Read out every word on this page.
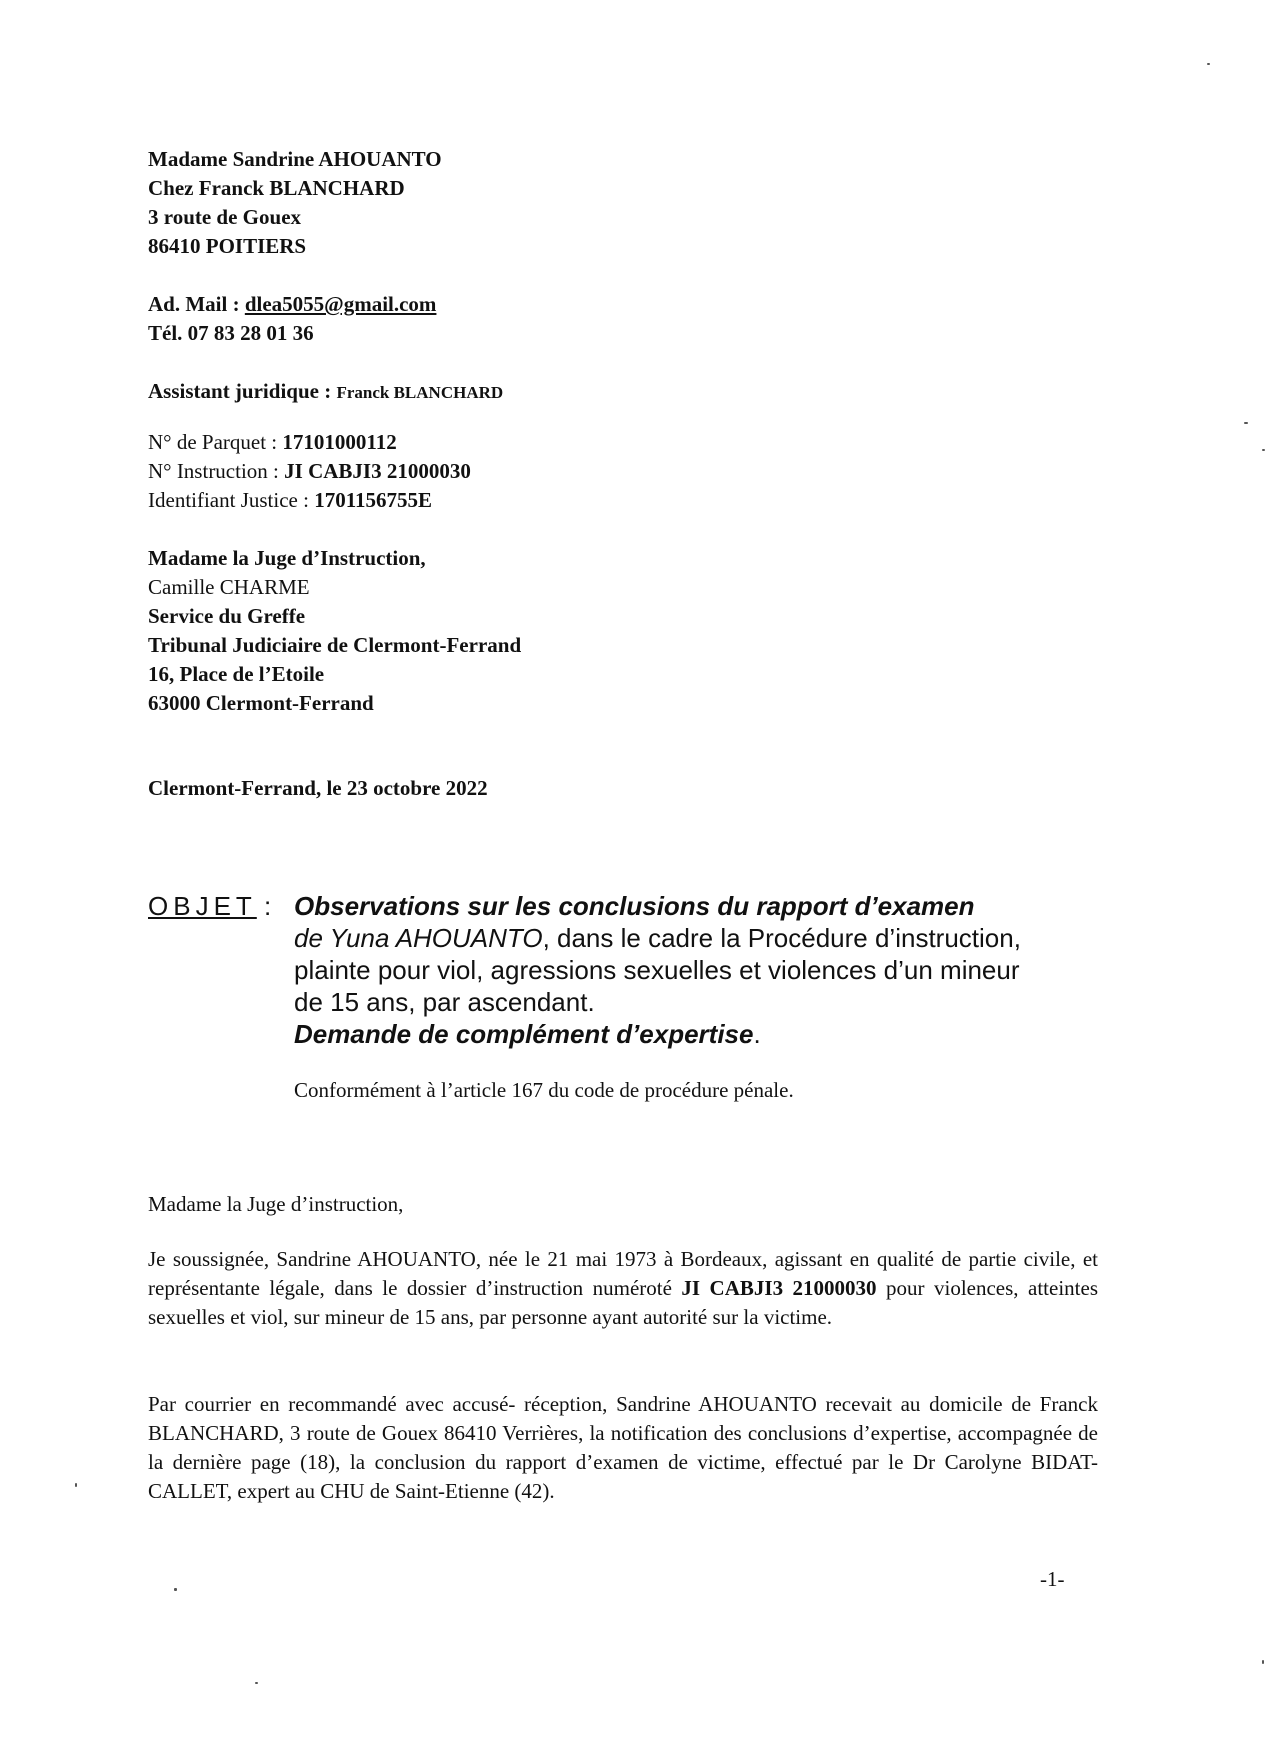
Madame Sandrine AHOUANTO
Chez Franck BLANCHARD
3 route de Gouex
86410 POITIERS
Ad. Mail : dlea5055@gmail.com
Tél. 07 83 28 01 36
Assistant juridique : Franck BLANCHARD
N° de Parquet : 17101000112
N° Instruction : JI CABJI3 21000030
Identifiant Justice : 1701156755E
Madame la Juge d’Instruction,
Camille CHARME
Service du Greffe
Tribunal Judiciaire de Clermont-Ferrand
16, Place de l’Etoile
63000 Clermont-Ferrand
Clermont-Ferrand, le 23 octobre 2022
OBJET : Observations sur les conclusions du rapport d’examen
de Yuna AHOUANTO, dans le cadre la Procédure d’instruction,
plainte pour viol, agressions sexuelles et violences d’un mineur
de 15 ans, par ascendant.
Demande de complément d’expertise.
Conformément à l’article 167 du code de procédure pénale.
Madame la Juge d’instruction,
Je soussignée, Sandrine AHOUANTO, née le 21 mai 1973 à Bordeaux, agissant en qualité de partie civile, et représentante légale, dans le dossier d’instruction numéroté JI CABJI3 21000030 pour violences, atteintes sexuelles et viol, sur mineur de 15 ans, par personne ayant autorité sur la victime.
Par courrier en recommandé avec accusé- réception, Sandrine AHOUANTO recevait au domicile de Franck BLANCHARD, 3 route de Gouex 86410 Verrières, la notification des conclusions d’expertise, accompagnée de la dernière page (18), la conclusion du rapport d’examen de victime, effectué par le Dr Carolyne BIDAT-CALLET, expert au CHU de Saint-Etienne (42).
-1-
